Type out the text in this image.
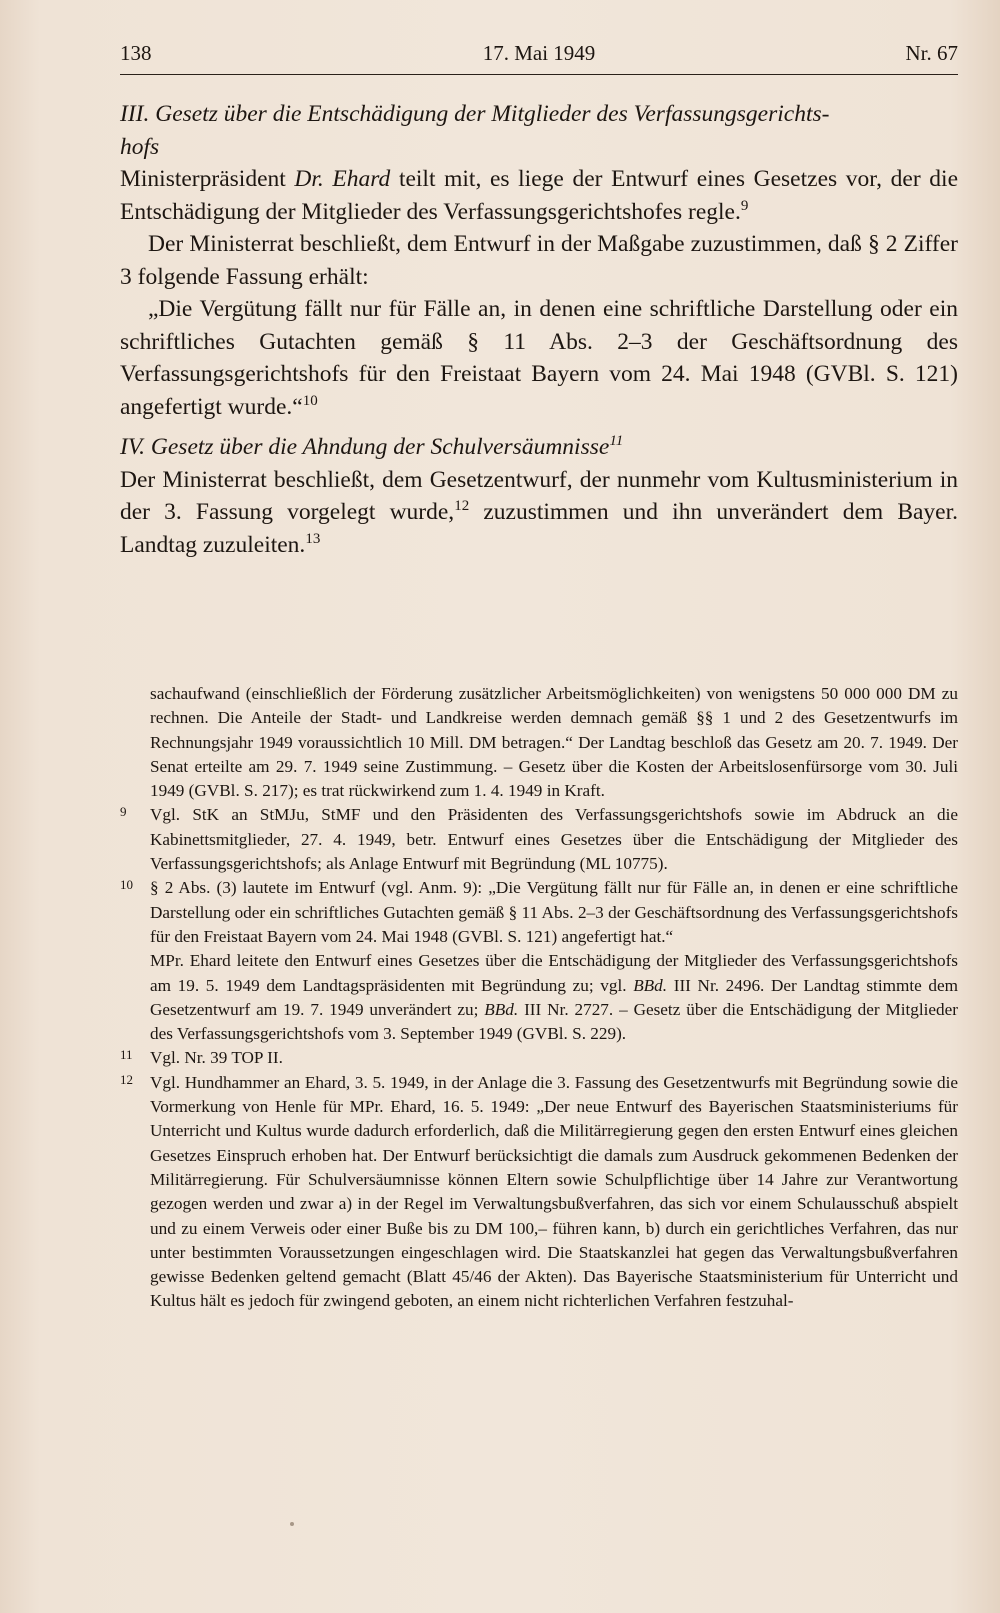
138	17. Mai 1949	Nr. 67

III. Gesetz über die Entschädigung der Mitglieder des Verfassungsgerichts-
hofs

Ministerpräsident Dr. Ehard teilt mit, es liege der Entwurf eines Gesetzes vor, der die Entschädigung der Mitglieder des Verfassungsgerichtshofes regle.$^9$

Der Ministerrat beschließt, dem Entwurf in der Maßgabe zuzustimmen, daß § 2 Ziffer 3 folgende Fassung erhält:

„Die Vergütung fällt nur für Fälle an, in denen eine schriftliche Darstellung oder ein schriftliches Gutachten gemäß § 11 Abs. 2–3 der Geschäftsordnung des Verfassungsgerichtshofs für den Freistaat Bayern vom 24. Mai 1948 (GVBl. S. 121) angefertigt wurde.“$^{10}$

IV. Gesetz über die Ahndung der Schulversäumnisse$^{11}$

Der Ministerrat beschließt, dem Gesetzentwurf, der nunmehr vom Kultusministerium in der 3. Fassung vorgelegt wurde,$^{12}$ zuzustimmen und ihn unverändert dem Bayer. Landtag zuzuleiten.$^{13}$

sachaufwand (einschließlich der Förderung zusätzlicher Arbeitsmöglichkeiten) von wenigstens 50 000 000 DM zu rechnen. Die Anteile der Stadt- und Landkreise werden demnach gemäß §§ 1 und 2 des Gesetzentwurfs im Rechnungsjahr 1949 voraussichtlich 10 Mill. DM betragen.“ Der Landtag beschloß das Gesetz am 20. 7. 1949. Der Senat erteilte am 29. 7. 1949 seine Zustimmung. – Gesetz über die Kosten der Arbeitslosenfürsorge vom 30. Juli 1949 (GVBl. S. 217); es trat rückwirkend zum 1. 4. 1949 in Kraft.

9 Vgl. StK an StMJu, StMF und den Präsidenten des Verfassungsgerichtshofs sowie im Abdruck an die Kabinettsmitglieder, 27. 4. 1949, betr. Entwurf eines Gesetzes über die Entschädigung der Mitglieder des Verfassungsgerichtshofs; als Anlage Entwurf mit Begründung (ML 10775).

10 § 2 Abs. (3) lautete im Entwurf (vgl. Anm. 9): „Die Vergütung fällt nur für Fälle an, in denen er eine schriftliche Darstellung oder ein schriftliches Gutachten gemäß § 11 Abs. 2–3 der Geschäftsordnung des Verfassungsgerichtshofs für den Freistaat Bayern vom 24. Mai 1948 (GVBl. S. 121) angefertigt hat.“

MPr. Ehard leitete den Entwurf eines Gesetzes über die Entschädigung der Mitglieder des Verfassungsgerichtshofs am 19. 5. 1949 dem Landtagspräsidenten mit Begründung zu; vgl. BBd. III Nr. 2496. Der Landtag stimmte dem Gesetzentwurf am 19. 7. 1949 unverändert zu; BBd. III Nr. 2727. – Gesetz über die Entschädigung der Mitglieder des Verfassungsgerichtshofs vom 3. September 1949 (GVBl. S. 229).

11 Vgl. Nr. 39 TOP II.

12 Vgl. Hundhammer an Ehard, 3. 5. 1949, in der Anlage die 3. Fassung des Gesetzentwurfs mit Begründung sowie die Vormerkung von Henle für MPr. Ehard, 16. 5. 1949: „Der neue Entwurf des Bayerischen Staatsministeriums für Unterricht und Kultus wurde dadurch erforderlich, daß die Militärregierung gegen den ersten Entwurf eines gleichen Gesetzes Einspruch erhoben hat. Der Entwurf berücksichtigt die damals zum Ausdruck gekommenen Bedenken der Militärregierung. Für Schulversäumnisse können Eltern sowie Schulpflichtige über 14 Jahre zur Verantwortung gezogen werden und zwar a) in der Regel im Verwaltungsbußverfahren, das sich vor einem Schulausschuß abspielt und zu einem Verweis oder einer Buße bis zu DM 100,– führen kann, b) durch ein gerichtliches Verfahren, das nur unter bestimmten Voraussetzungen eingeschlagen wird. Die Staatskanzlei hat gegen das Verwaltungsbußverfahren gewisse Bedenken geltend gemacht (Blatt 45/46 der Akten). Das Bayerische Staatsministerium für Unterricht und Kultus hält es jedoch für zwingend geboten, an einem nicht richterlichen Verfahren festzuhal-
